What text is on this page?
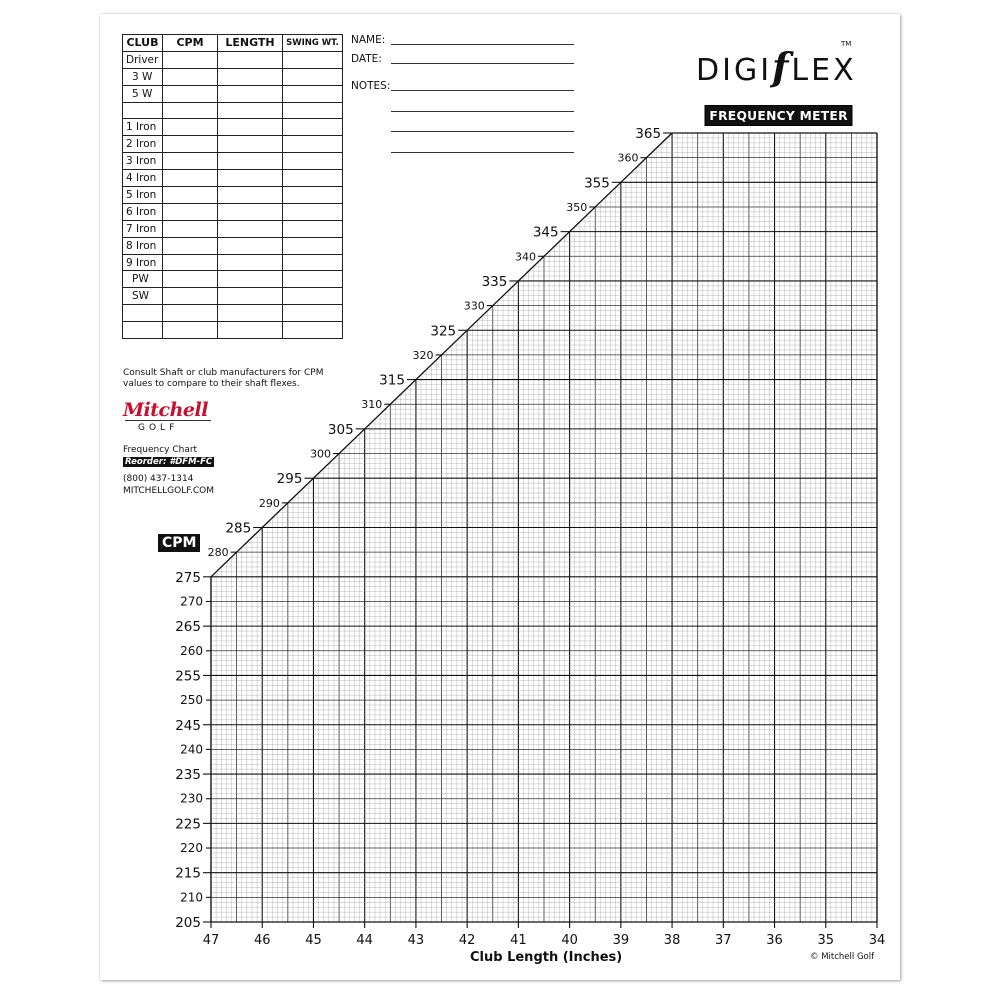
CLUB	CPM	LENGTH	SWING WT.
Driver			
3 W			
5 W			

1 Iron			
2 Iron			
3 Iron			
4 Iron			
5 Iron			
6 Iron			
7 Iron			
8 Iron			
9 Iron			
PW			
SW			

NAME:
DATE:
NOTES:	DIGIfLEX
TM
FREQUENCY METER
Consult Shaft or club manufacturers for CPM values to compare to their shaft flexes.
Mitchell
GOLF
Frequency Chart
Reorder: #DFM-FC
(800) 437-1314
MITCHELLGOLF.COM
CPM
Club Length (Inches)	© Mitchell Golf
47	46	45	44	43	42	41	40	39	38	37	36	35	34
205
210
215
220
225
230
235
240
245
250
255
260
265
270
275
280
285
290
295
300
305
310
315
320
325
330
335
340
345
350
355
360
365
